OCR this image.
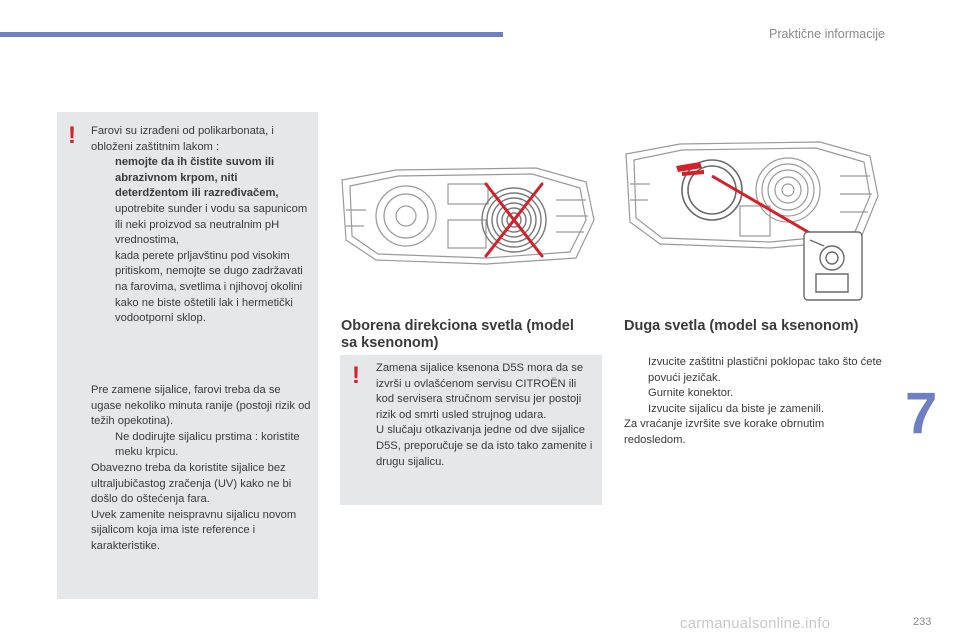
Praktične informacije
! Farovi su izrađeni od polikarbonata, i obloženi zaštitnim lakom :

nemojte da ih čistite suvom ili abrazivnom krpom, niti deterdžentom ili razređivačem,

upotrebite sunđer i vodu sa sapunicom ili neki proizvod sa neutralnim pH vrednostima,

kada perete prljavštinu pod visokim pritiskom, nemojte se dugo zadržavati na farovima, svetlima i njihovoj okolini kako ne biste oštetili lak i hermetički vodootporni sklop.

Pre zamene sijalice, farovi treba da se ugase nekoliko minuta ranije (postoji rizik od težih opekotina).

Ne dodirujte sijalicu prstima : koristite meku krpicu.

Obavezno treba da koristite sijalice bez ultraljubičastog zračenja (UV) kako ne bi došlo do oštećenja fara.

Uvek zamenite neispravnu sijalicu novom sijalicom koja ima iste reference i karakteristike.

Oborena direkciona svetla (model sa ksenonom)
! Zamena sijalice ksenona D5S mora da se izvrši u ovlašćenom servisu CITROËN ili kod servisera stručnom servisu jer postoji rizik od smrti usled strujnog udara.

U slučaju otkazivanja jedne od dve sijalice D5S, preporučuje se da isto tako zamenite i drugu sijalicu.

Duga svetla (model sa ksenonom)

Izvucite zaštitni plastični poklopac tako što ćete povući jezičak.

Gurnite konektor.

Izvucite sijalicu da biste je zamenili.

Za vraćanje izvršite sve korake obrnutim redosledom.	7
carmanualsonline.info	233
